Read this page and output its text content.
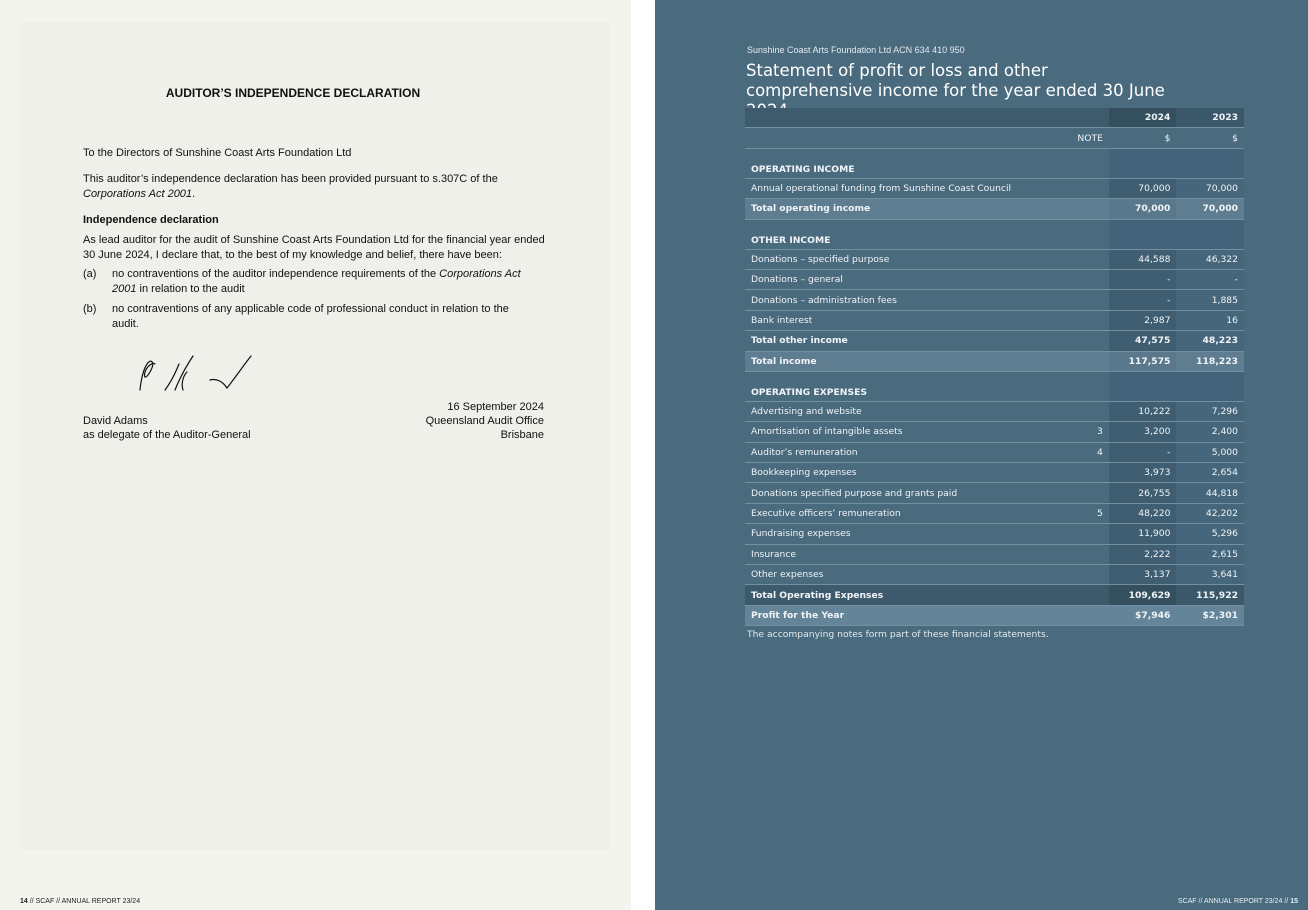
AUDITOR’S INDEPENDENCE DECLARATION
To the Directors of Sunshine Coast Arts Foundation Ltd
This auditor’s independence declaration has been provided pursuant to s.307C of the Corporations Act 2001.
Independence declaration
As lead auditor for the audit of Sunshine Coast Arts Foundation Ltd for the financial year ended 30 June 2024, I declare that, to the best of my knowledge and belief, there have been:
(a)	no contraventions of the auditor independence requirements of the Corporations Act 2001 in relation to the audit
(b)	no contraventions of any applicable code of professional conduct in relation to the audit.
David Adams
as delegate of the Auditor-General
16 September 2024
Queensland Audit Office
Brisbane
14 // SCAF // ANNUAL REPORT 23/24
Sunshine Coast Arts Foundation Ltd ACN 634 410 950
Statement of profit or loss and other comprehensive income for the year ended 30 June
		2024	2023
	NOTE	$	$
OPERATING INCOME			
Annual operational funding from Sunshine Coast Council		70,000	70,000
Total operating income		70,000	70,000
OTHER INCOME			
Donations – specified purpose		44,588	46,322
Donations – general		-	-
Donations – administration fees		-	1,885
Bank interest		2,987	16
Total other income		47,575	48,223
Total income		117,575	118,223
OPERATING EXPENSES			
Advertising and website		10,222	7,296
Amortisation of intangible assets	3	3,200	2,400
Auditor’s remuneration	4	-	5,000
Bookkeeping expenses		3,973	2,654
Donations specified purpose and grants paid		26,755	44,818
Executive officers’ remuneration	5	48,220	42,202
Fundraising expenses		11,900	5,296
Insurance		2,222	2,615
Other expenses		3,137	3,641
Total Operating Expenses		109,629	115,922
Profit for the Year		$7,946	$2,301
The accompanying notes form part of these financial statements.
SCAF // ANNUAL REPORT 23/24 // 15
